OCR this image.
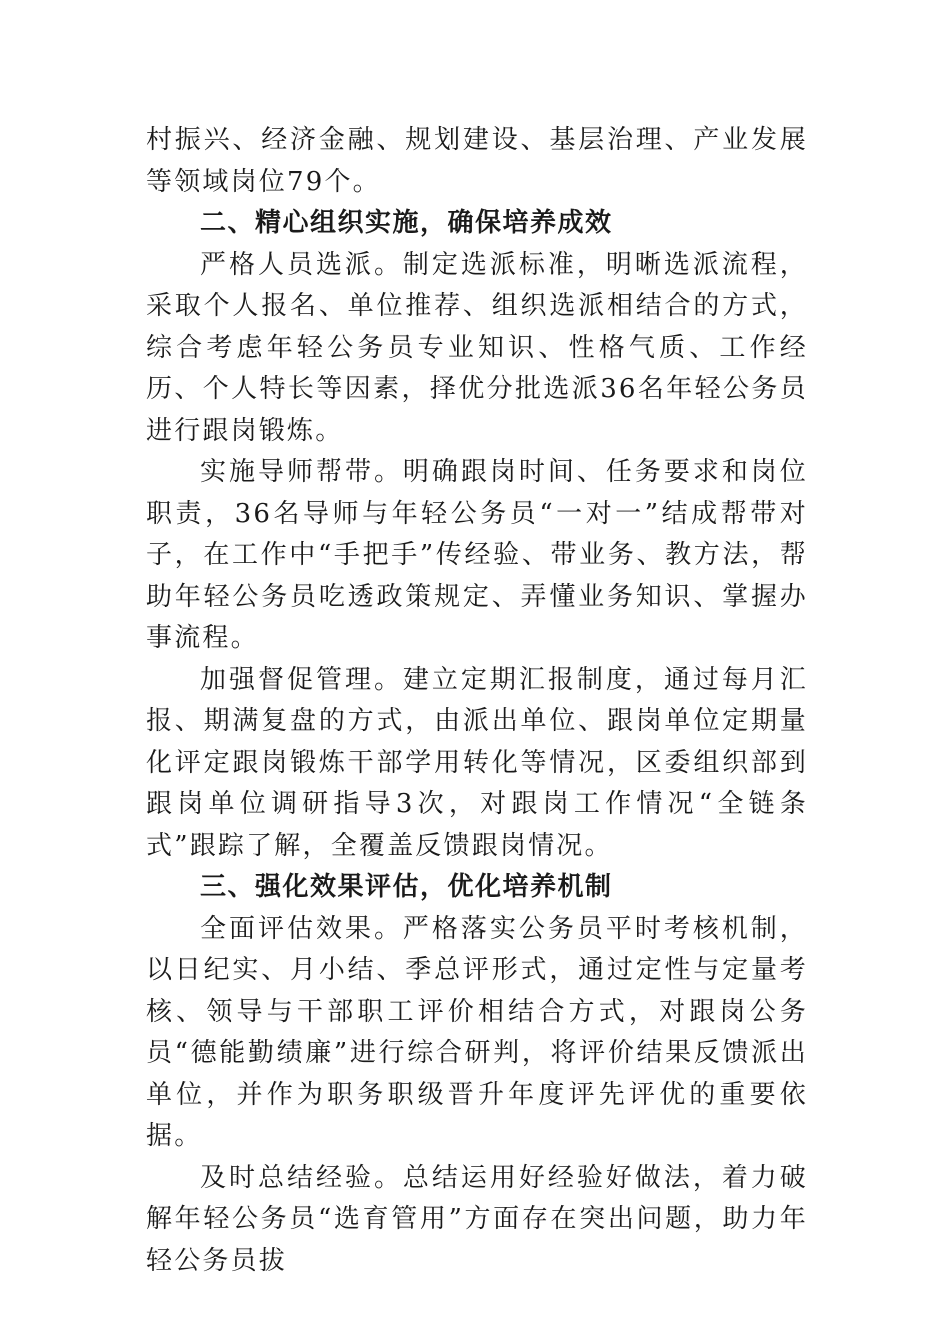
村振兴、经济金融、规划建设、基层治理、产业发展等领域岗位79个。

二、精心组织实施，确保培养成效

严格人员选派。制定选派标准，明晰选派流程，采取个人报名、单位推荐、组织选派相结合的方式，综合考虑年轻公务员专业知识、性格气质、工作经历、个人特长等因素，择优分批选派36名年轻公务员进行跟岗锻炼。

实施导师帮带。明确跟岗时间、任务要求和岗位职责，36名导师与年轻公务员“一对一”结成帮带对子，在工作中“手把手”传经验、带业务、教方法，帮助年轻公务员吃透政策规定、弄懂业务知识、掌握办事流程。

加强督促管理。建立定期汇报制度，通过每月汇报、期满复盘的方式，由派出单位、跟岗单位定期量化评定跟岗锻炼干部学用转化等情况，区委组织部到跟岗单位调研指导3次，对跟岗工作情况“全链条式”跟踪了解，全覆盖反馈跟岗情况。

三、强化效果评估，优化培养机制

全面评估效果。严格落实公务员平时考核机制，以日纪实、月小结、季总评形式，通过定性与定量考核、领导与干部职工评价相结合方式，对跟岗公务员“德能勤绩廉”进行综合研判，将评价结果反馈派出单位，并作为职务职级晋升年度评先评优的重要依据。

及时总结经验。总结运用好经验好做法，着力破解年轻公务员“选育管用”方面存在突出问题，助力年轻公务员拔
